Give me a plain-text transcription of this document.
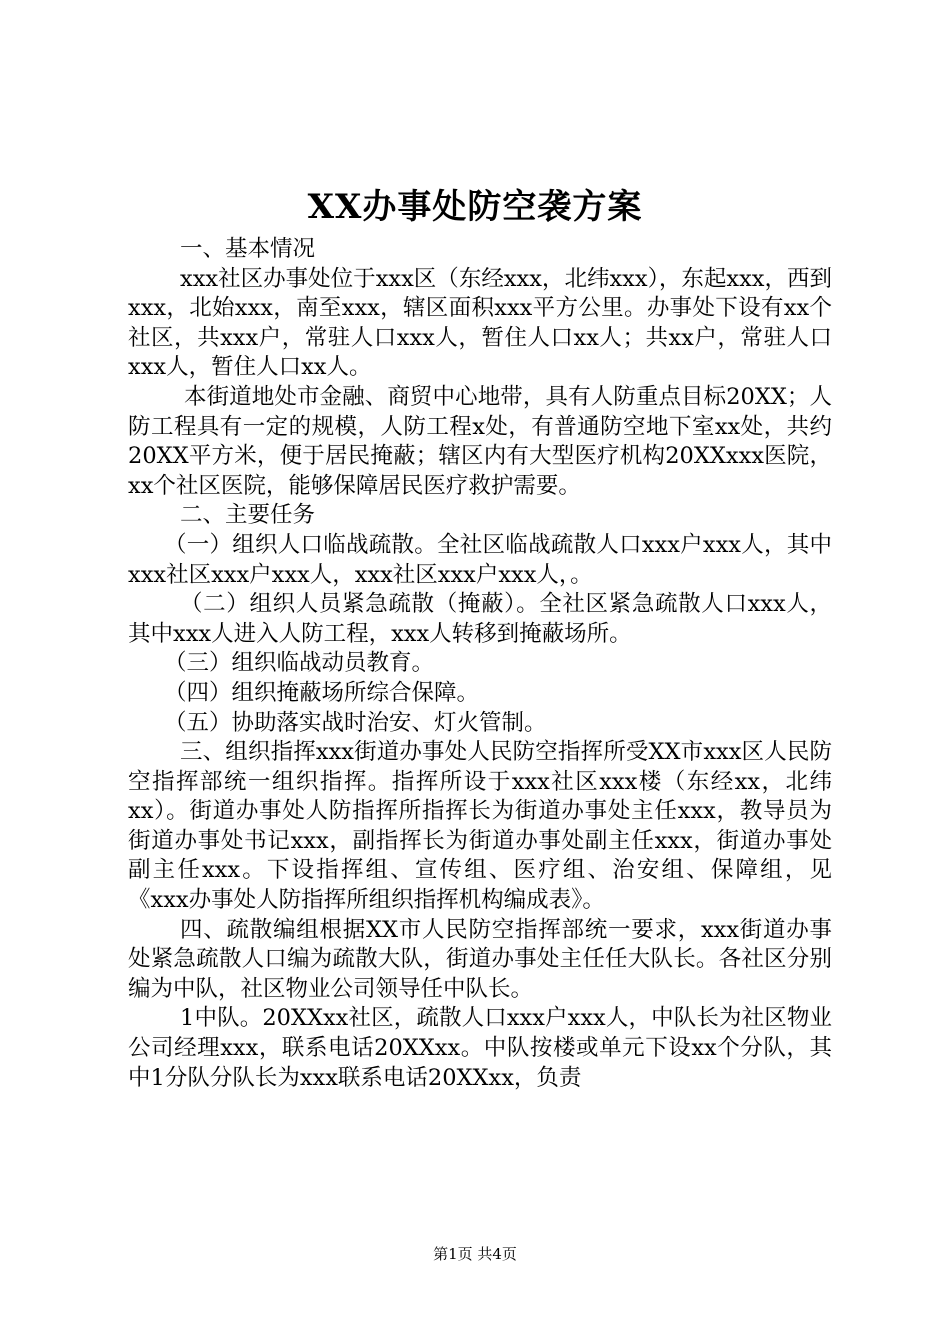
XX办事处防空袭方案

一、基本情况

xxx社区办事处位于xxx区（东经xxx，北纬xxx），东起xxx，西到xxx，北始xxx，南至xxx，辖区面积xxx平方公里。办事处下设有xx个社区，共xxx户，常驻人口xxx人，暂住人口xx人；共xx户，常驻人口xxx人，暂住人口xx人。

本街道地处市金融、商贸中心地带，具有人防重点目标20XX；人防工程具有一定的规模，人防工程x处，有普通防空地下室xx处，共约20XX平方米，便于居民掩蔽；辖区内有大型医疗机构20XXxxx医院，xx个社区医院，能够保障居民医疗救护需要。

二、主要任务

（一）组织人口临战疏散。全社区临战疏散人口xxx户xxx人，其中xxx社区xxx户xxx人，xxx社区xxx户xxx人，。

（二）组织人员紧急疏散（掩蔽）。全社区紧急疏散人口xxx人，其中xxx人进入人防工程，xxx人转移到掩蔽场所。

（三）组织临战动员教育。

（四）组织掩蔽场所综合保障。

（五）协助落实战时治安、灯火管制。

三、组织指挥xxx街道办事处人民防空指挥所受XX市xxx区人民防空指挥部统一组织指挥。指挥所设于xxx社区xxx楼（东经xx，北纬xx）。街道办事处人防指挥所指挥长为街道办事处主任xxx，教导员为街道办事处书记xxx，副指挥长为街道办事处副主任xxx，街道办事处副主任xxx。下设指挥组、宣传组、医疗组、治安组、保障组，见《xxx办事处人防指挥所组织指挥机构编成表》。

四、疏散编组根据XX市人民防空指挥部统一要求，xxx街道办事处紧急疏散人口编为疏散大队，街道办事处主任任大队长。各社区分别编为中队，社区物业公司领导任中队长。

1中队。20XXxx社区，疏散人口xxx户xxx人，中队长为社区物业公司经理xxx，联系电话20XXxx。中队按楼或单元下设xx个分队，其中1分队分队长为xxx联系电话20XXxx，负责

第1页 共4页
